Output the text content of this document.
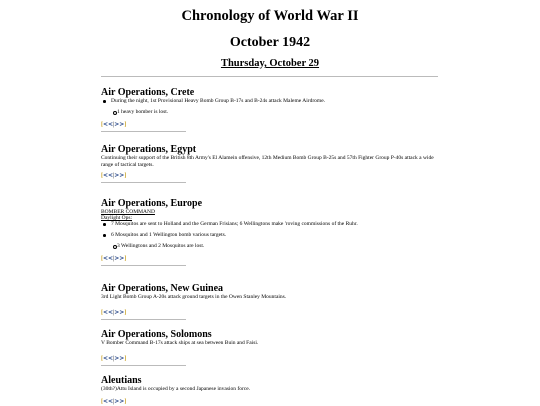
Chronology of World War II
October 1942
Thursday, October 29
Air Operations, Crete
During the night, 1st Provisional Heavy Bomb Group B-17s and B-24s attack Maleme Airdrome.
1 heavy bomber is lost.
[<<|>>]
Air Operations, Egypt

Continuing their support of the British 8th Army's El Alamein offensive, 12th Medium Bomb Group B-25s and 57th Fighter Group P-40s attack a wide range of tactical targets.

[<<|>>]
Air Operations, Europe

BOMBER COMMAND

Daylight Ops:

7 Mosquitos are sent to Holland and the German Frisians; 6 Wellingtons make 'roving commissions of the Ruhr.
6 Mosquitos and 1 Wellington bomb various targets.
3 Wellingtons and 2 Mosquitos are lost.
[<<|>>]
Air Operations, New Guinea

3rd Light Bomb Group A-20s attack ground targets in the Owen Stanley Mountains.

[<<|>>]
Air Operations, Solomons

V Bomber Command B-17s attack ships at sea between Buin and Faisi.

[<<|>>]
Aleutians

(30th?)Attu Island is occupied by a second Japanese invasion force.

[<<|>>]
